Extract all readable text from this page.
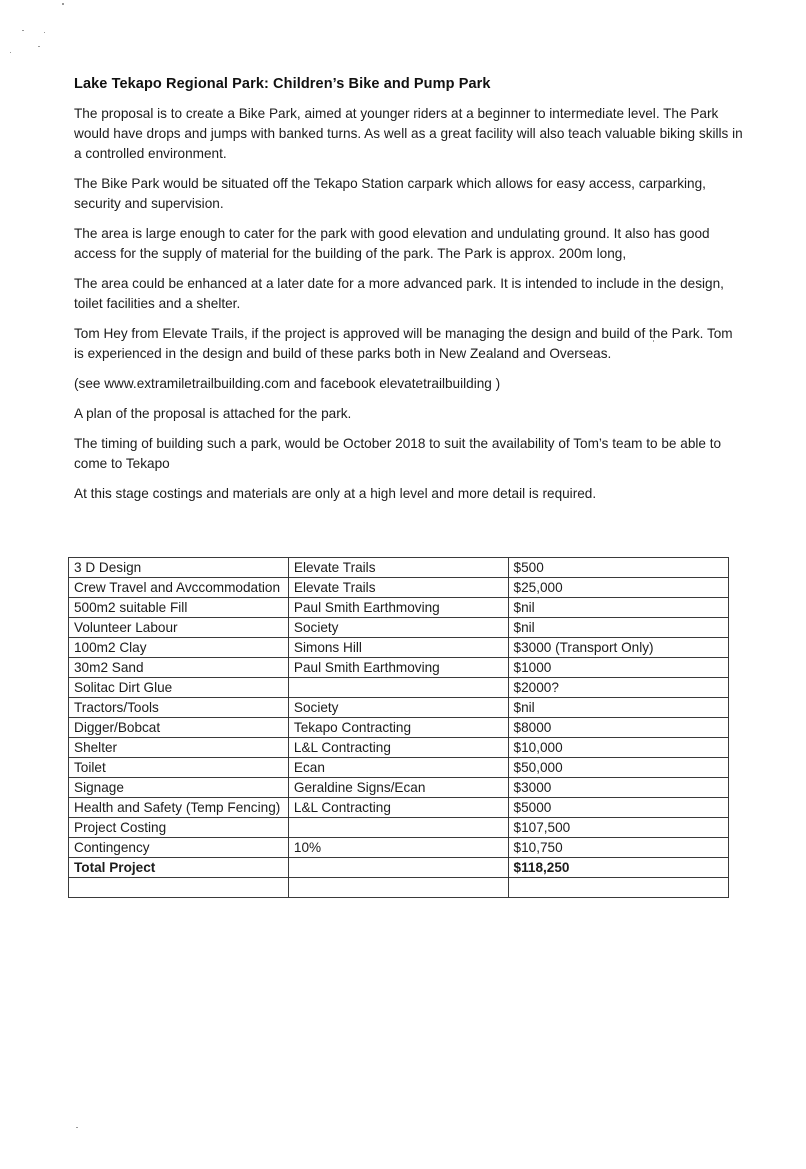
Lake Tekapo Regional Park: Children’s Bike and Pump Park

The proposal is to create a Bike Park, aimed at younger riders at a beginner to intermediate level. The Park would have drops and jumps with banked turns. As well as a great facility will also teach valuable biking skills in a controlled environment.

The Bike Park would be situated off the Tekapo Station carpark which allows for easy access, carparking, security and supervision.

The area is large enough to cater for the park with good elevation and undulating ground. It also has good access for the supply of material for the building of the park. The Park is approx. 200m long,

The area could be enhanced at a later date for a more advanced park. It is intended to include in the design, toilet facilities and a shelter.

Tom Hey from Elevate Trails, if the project is approved will be managing the design and build of the Park. Tom is experienced in the design and build of these parks both in New Zealand and Overseas.

(see www.extramiletrailbuilding.com and facebook elevatetrailbuilding )

A plan of the proposal is attached for the park.

The timing of building such a park, would be October 2018 to suit the availability of Tom’s team to be able to come to Tekapo

At this stage costings and materials are only at a high level and more detail is required.

3 D Design	Elevate Trails	$500
Crew Travel and Avccommodation	Elevate Trails	$25,000
500m2 suitable Fill	Paul Smith Earthmoving	$nil
Volunteer Labour	Society	$nil
100m2 Clay	Simons Hill	$3000 (Transport Only)
30m2 Sand	Paul Smith Earthmoving	$1000
Solitac Dirt Glue		$2000?
Tractors/Tools	Society	$nil
Digger/Bobcat	Tekapo Contracting	$8000
Shelter	L&L Contracting	$10,000
Toilet	Ecan	$50,000
Signage	Geraldine Signs/Ecan	$3000
Health and Safety (Temp Fencing)	L&L Contracting	$5000
Project Costing		$107,500
Contingency	10%	$10,750
Total Project		$118,250
